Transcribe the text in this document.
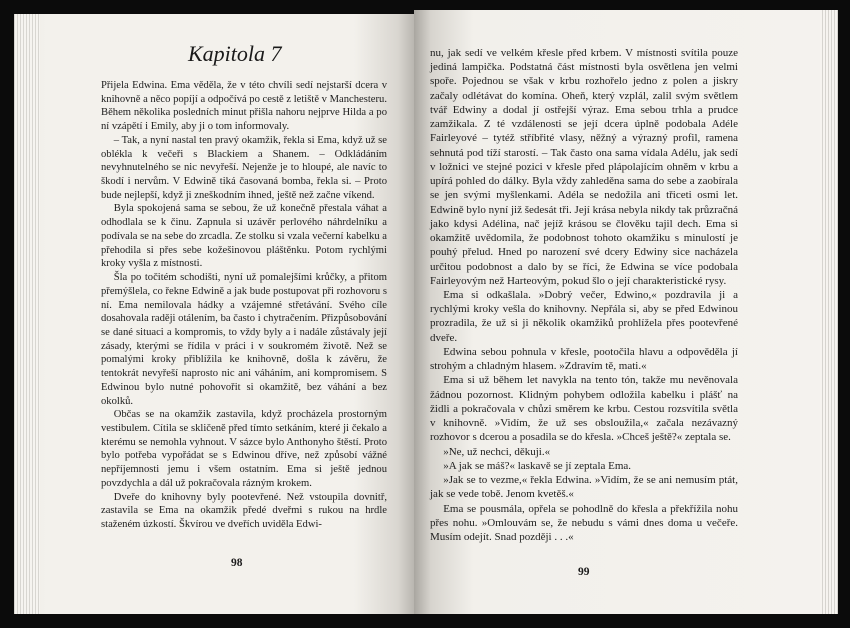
Kapitola 7

Přijela Edwina. Ema věděla, že v této chvíli sedí nejstarší dcera v knihovně a něco popíjí a odpočívá po cestě z letiště v Manchesteru. Během několika posledních minut přišla nahoru nejprve Hilda a po ní vzápětí i Emily, aby ji o tom informovaly.

– Tak, a nyní nastal ten pravý okamžik, řekla si Ema, když už se oblékla k večeři s Blackiem a Shanem. – Odkládáním nevyhnutelného se nic nevyřeší. Nejenže je to hloupé, ale navíc to škodí i nervům. V Edwině tiká časovaná bomba, řekla si. – Proto bude nejlepší, když ji zneškodním ihned, ještě než začne víkend.

Byla spokojená sama se sebou, že už konečně přestala váhat a odhodlala se k činu. Zapnula si uzávěr perlového náhrdelníku a podívala se na sebe do zrcadla. Ze stolku si vzala večerní kabelku a přehodila si přes sebe kožešinovou pláštěnku. Potom rychlými kroky vyšla z místnosti.

Šla po točitém schodišti, nyní už pomalejšími krůčky, a přitom přemýšlela, co řekne Edwině a jak bude postupovat při rozhovoru s ní. Ema nemilovala hádky a vzájemné střetávání. Svého cíle dosahovala raději otálením, ba často i chytračením. Přizpůsobování se dané situaci a kompromis, to vždy byly a i nadále zůstávaly její zásady, kterými se řídila v práci i v soukromém životě. Než se pomalými kroky přiblížila ke knihovně, došla k závěru, že tentokrát nevyřeší naprosto nic ani váháním, ani kompromisem. S Edwinou bylo nutné pohovořit si okamžitě, bez váhání a bez okolků.

Občas se na okamžik zastavila, když procházela prostorným vestibulem. Cítila se skličeně před tímto setkáním, které ji čekalo a kterému se nemohla vyhnout. V sázce bylo Anthonyho štěstí. Proto bylo potřeba vypořádat se s Edwinou dříve, než způsobí vážné nepříjemnosti jemu i všem ostatním. Ema si ještě jednou povzdychla a dál už pokračovala rázným krokem.

Dveře do knihovny byly pootevřené. Než vstoupila dovnitř, zastavila se Ema na okamžik předé dveřmi s rukou na hrdle staženém úzkostí. Škvírou ve dveřích uviděla Edwi-

98

nu, jak sedí ve velkém křesle před krbem. V místnosti svítila pouze jediná lampička. Podstatná část místnosti byla osvětlena jen velmi spoře. Pojednou se však v krbu rozhořelo jedno z polen a jiskry začaly odlétávat do komína. Oheň, který vzplál, zalil svým světlem tvář Edwiny a dodal jí ostřejší výraz. Ema sebou trhla a prudce zamžikala. Z té vzdálenosti se její dcera úplně podobala Adéle Fairleyové – tytéž stříbřité vlasy, něžný a výrazný profil, ramena sehnutá pod tíží starostí. – Tak často ona sama vídala Adélu, jak sedí v ložnici ve stejné pozici v křesle před plápolajícím ohněm v krbu a upírá pohled do dálky. Byla vždy zahleděna sama do sebe a zaobírala se jen svými myšlenkami. Adéla se nedožila ani třiceti osmi let. Edwině bylo nyní již šedesát tři. Její krása nebyla nikdy tak průzračná jako kdysi Adélina, nač jejíž krásou se člověku tajil dech. Ema si okamžitě uvědomila, že podobnost tohoto okamžiku s minulostí je pouhý přelud. Hned po narození své dcery Edwiny sice nacházela určitou podobnost a dalo by se říci, že Edwina se více podobala Fairleyovým než Harteovým, pokud šlo o její charakteristické rysy.

Ema si odkašlala. »Dobrý večer, Edwino,« pozdravila ji a rychlými kroky vešla do knihovny. Nepřála si, aby se před Edwinou prozradila, že už si ji několik okamžiků prohlížela přes pootevřené dveře.

Edwina sebou pohnula v křesle, pootočila hlavu a odpověděla jí strohým a chladným hlasem. »Zdravím tě, mati.«

Ema si už během let navykla na tento tón, takže mu nevěnovala žádnou pozornost. Klidným pohybem odložila kabelku i plášť na židli a pokračovala v chůzi směrem ke krbu. Cestou rozsvítila světla v knihovně. »Vidím, že už ses obsloužila,« začala nezávazný rozhovor s dcerou a posadila se do křesla. »Chceš ještě?« zeptala se.

»Ne, už nechci, děkuji.«

»A jak se máš?« laskavě se jí zeptala Ema.

»Jak se to vezme,« řekla Edwina. »Vidím, že se ani nemusím ptát, jak se vede tobě. Jenom kvetěš.«

Ema se pousmála, opřela se pohodlně do křesla a překřížila nohu přes nohu. »Omlouvám se, že nebudu s vámi dnes doma u večeře. Musím odejít. Snad později . . .«

99
